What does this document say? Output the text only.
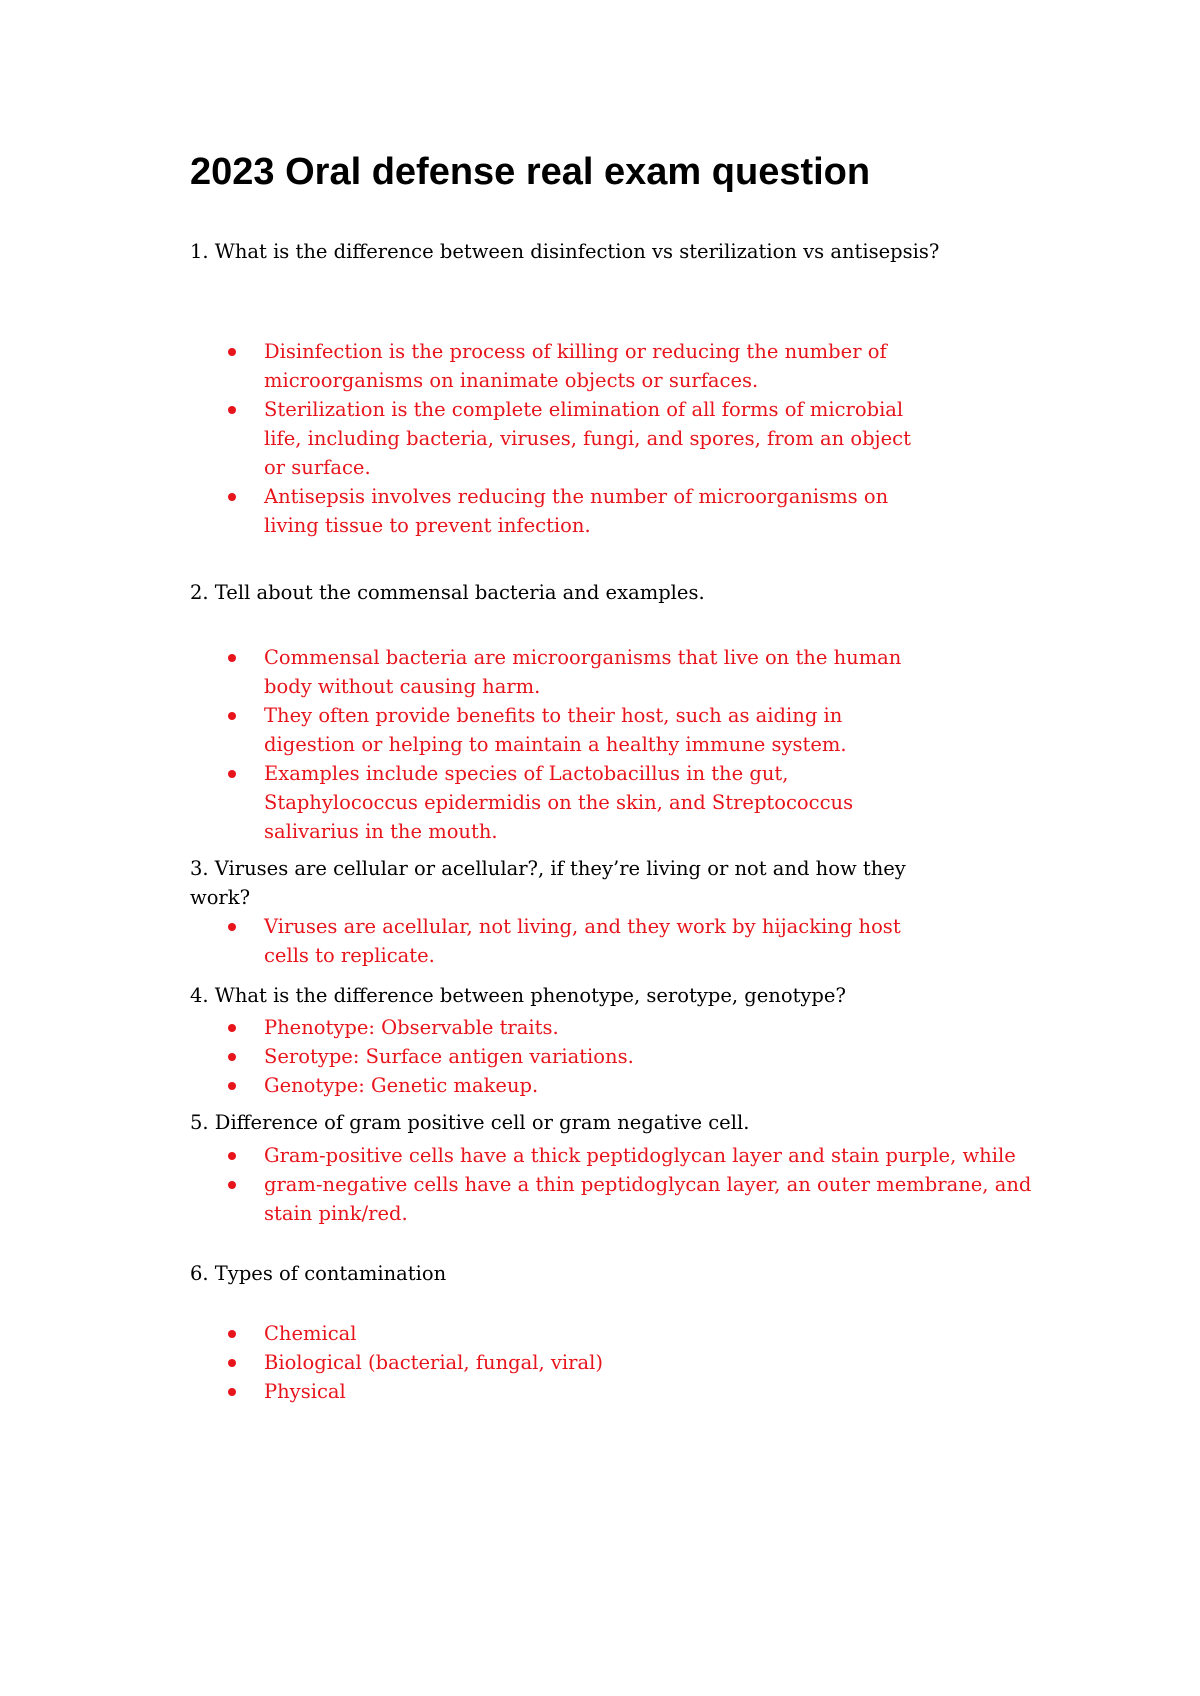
2023 Oral defense real exam question

1. What is the difference between disinfection vs sterilization vs antisepsis?

Disinfection is the process of killing or reducing the number of microorganisms on inanimate objects or surfaces.
Sterilization is the complete elimination of all forms of microbial life, including bacteria, viruses, fungi, and spores, from an object or surface.
Antisepsis involves reducing the number of microorganisms on living tissue to prevent infection.

2. Tell about the commensal bacteria and examples.

Commensal bacteria are microorganisms that live on the human body without causing harm.
They often provide benefits to their host, such as aiding in digestion or helping to maintain a healthy immune system.
Examples include species of Lactobacillus in the gut, Staphylococcus epidermidis on the skin, and Streptococcus salivarius in the mouth.

3. Viruses are cellular or acellular?, if they’re living or not and how they work?

Viruses are acellular, not living, and they work by hijacking host cells to replicate.

4. What is the difference between phenotype, serotype, genotype?

Phenotype: Observable traits.
Serotype: Surface antigen variations.
Genotype: Genetic makeup.

5. Difference of gram positive cell or gram negative cell.

Gram-positive cells have a thick peptidoglycan layer and stain purple, while
gram-negative cells have a thin peptidoglycan layer, an outer membrane, and stain pink/red.

6. Types of contamination

Chemical
Biological (bacterial, fungal, viral)
Physical
